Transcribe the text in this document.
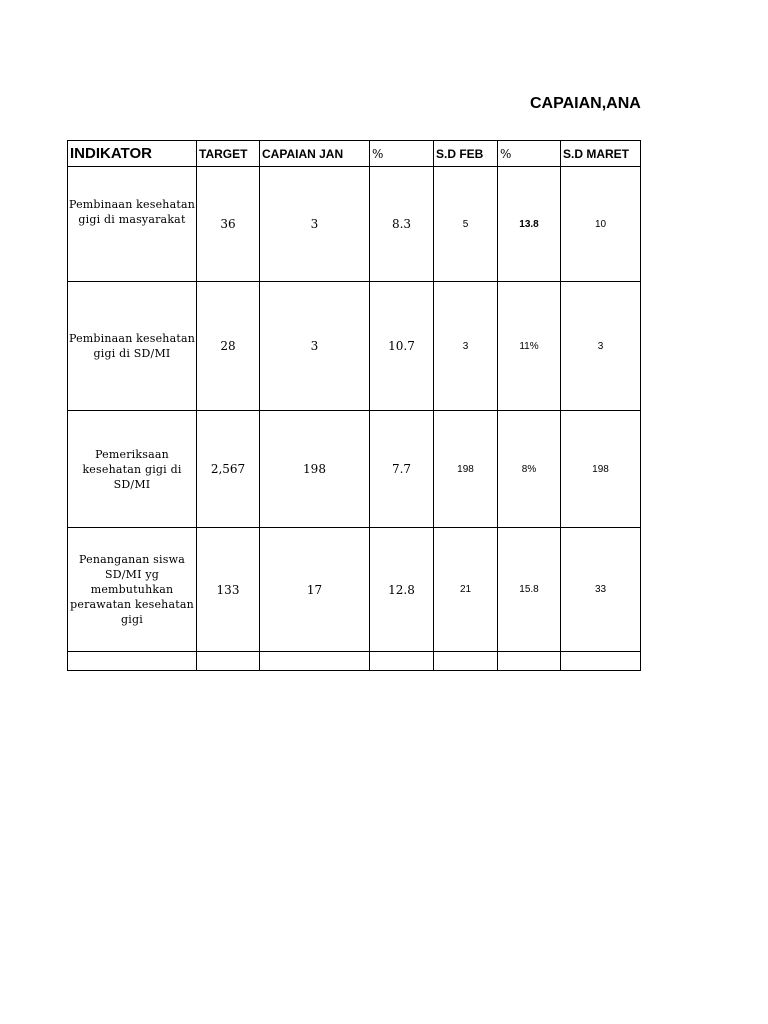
CAPAIAN,ANA
INDIKATOR	TARGET	CAPAIAN JAN	%	S.D FEB	%	S.D MARET
Pembinaan kesehatan gigi di masyarakat	36	3	8.3	5	13.8	10
Pembinaan kesehatan gigi di SD/MI	28	3	10.7	3	11%	3
Pemeriksaan kesehatan gigi di SD/MI	2,567	198	7.7	198	8%	198
Penanganan siswa SD/MI yg membutuhkan perawatan kesehatan gigi	133	17	12.8	21	15.8	33
